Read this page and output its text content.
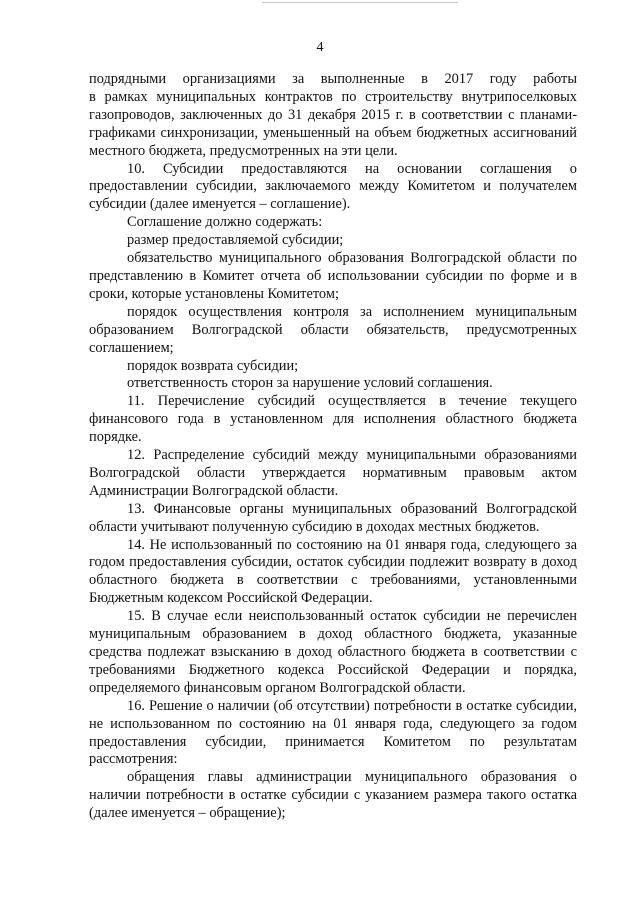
4

подрядными организациями за выполненные в 2017 году работы

в рамках муниципальных контрактов по строительству внутрипоселковых газопроводов, заключенных до 31 декабря 2015 г. в соответствии с планами-графиками синхронизации, уменьшенный на объем бюджетных ассигнований местного бюджета, предусмотренных на эти цели.

10. Субсидии предоставляются на основании соглашения о предоставлении субсидии, заключаемого между Комитетом и получателем субсидии (далее именуется – соглашение).

Соглашение должно содержать:

размер предоставляемой субсидии;

обязательство муниципального образования Волгоградской области по представлению в Комитет отчета об использовании субсидии по форме и в сроки, которые установлены Комитетом;

порядок осуществления контроля за исполнением муниципальным образованием Волгоградской области обязательств, предусмотренных соглашением;

порядок возврата субсидии;

ответственность сторон за нарушение условий соглашения.

11. Перечисление субсидий осуществляется в течение текущего финансового года в установленном для исполнения областного бюджета порядке.

12. Распределение субсидий между муниципальными образованиями Волгоградской области утверждается нормативным правовым актом Администрации Волгоградской области.

13. Финансовые органы муниципальных образований Волгоградской области учитывают полученную субсидию в доходах местных бюджетов.

14. Не использованный по состоянию на 01 января года, следующего за годом предоставления субсидии, остаток субсидии подлежит возврату в доход областного бюджета в соответствии с требованиями, установленными Бюджетным кодексом Российской Федерации.

15. В случае если неиспользованный остаток субсидии не перечислен муниципальным образованием в доход областного бюджета, указанные средства подлежат взысканию в доход областного бюджета в соответствии с требованиями Бюджетного кодекса Российской Федерации и порядка, определяемого финансовым органом Волгоградской области.

16. Решение о наличии (об отсутствии) потребности в остатке субсидии, не использованном по состоянию на 01 января года, следующего за годом предоставления субсидии, принимается Комитетом по результатам рассмотрения:

обращения главы администрации муниципального образования о наличии потребности в остатке субсидии с указанием размера такого остатка (далее именуется – обращение);
